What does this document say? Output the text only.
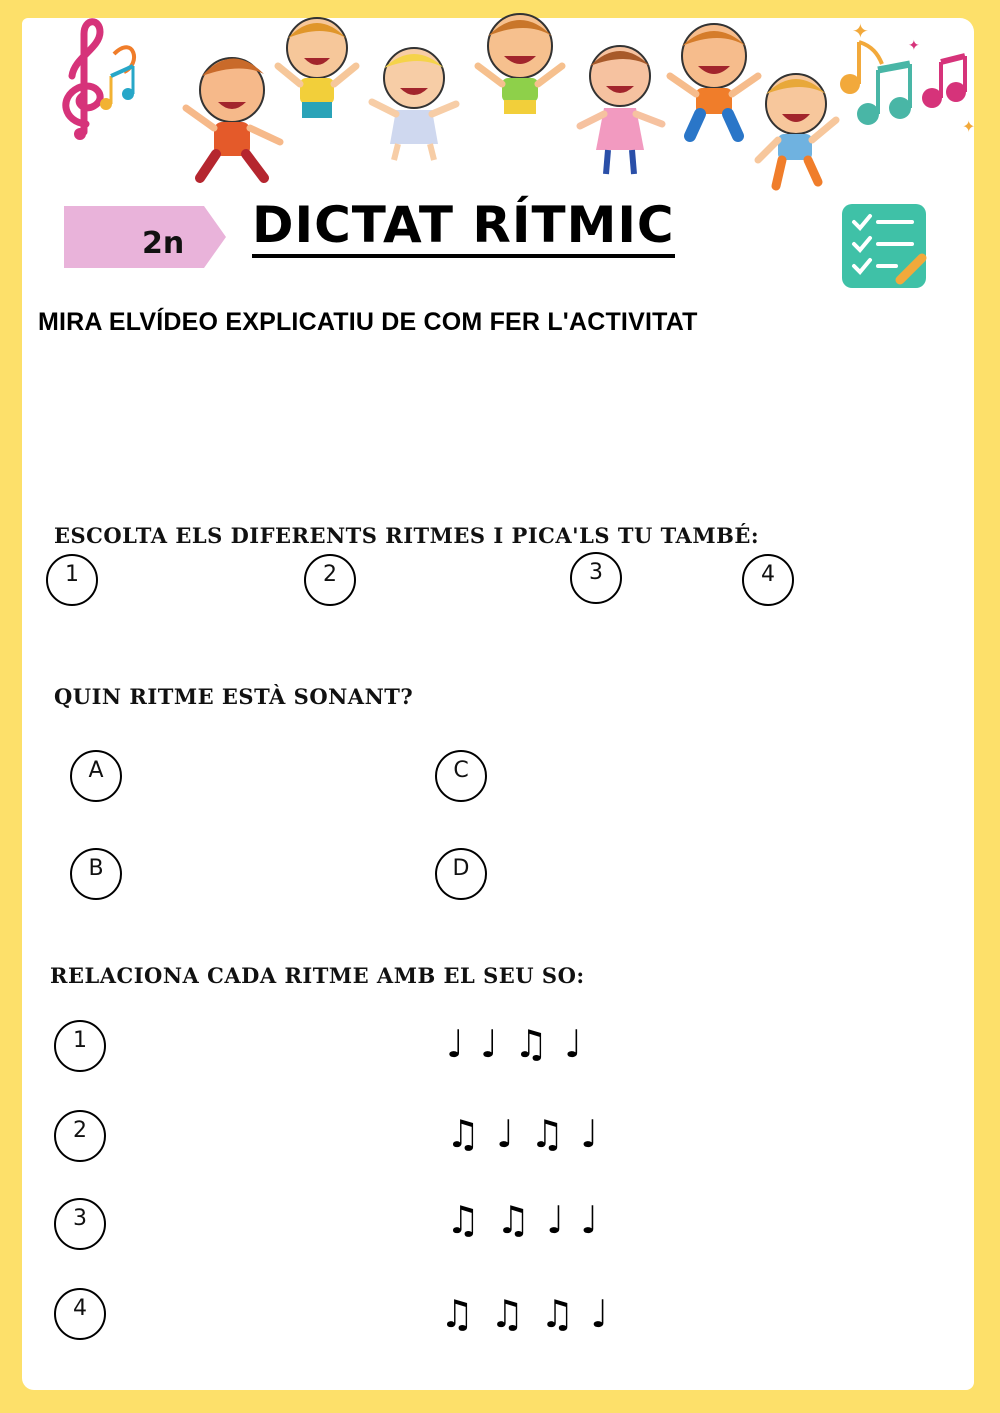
✦
✦
✦
2n DICTAT RÍTMIC
MIRA ELVÍDEO EXPLICATIU DE COM FER L'ACTIVITAT
ESCOLTA ELS DIFERENTS RITMES I PICA'LS TU TAMBÉ:
1	2	3	4
QUIN RITME ESTÀ SONANT?
A	C
B	D
RELACIONA CADA RITME AMB EL SEU SO:
1	♩ ♩ ♫ ♩
2	♫ ♩ ♫ ♩
3	♫ ♫ ♩ ♩
4	♫ ♫ ♫ ♩
